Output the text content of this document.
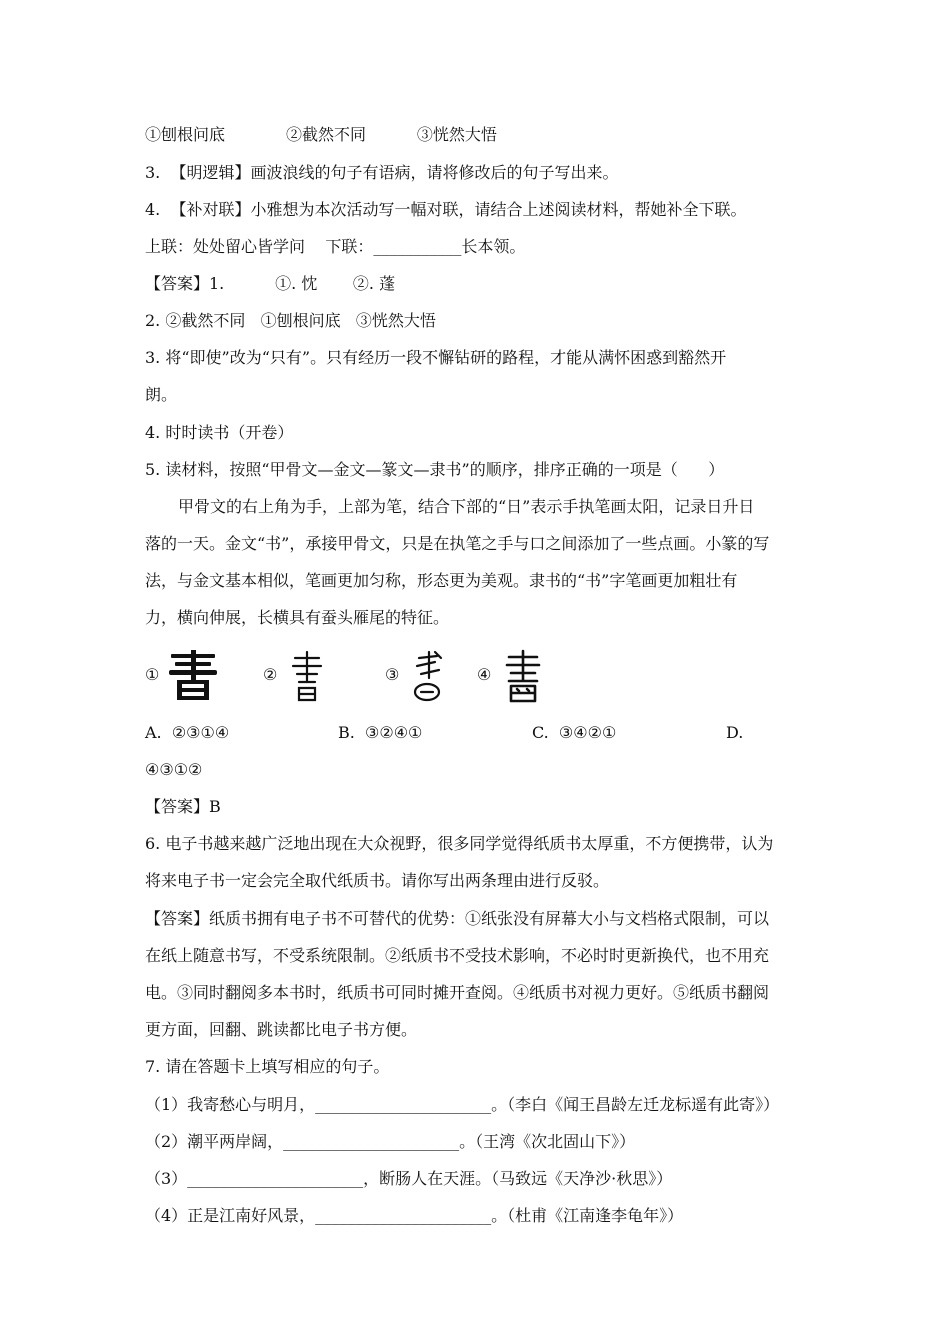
①刨根问底            ②截然不同          ③恍然大悟
3.  【明逻辑】画波浪线的句子有语病，请将修改后的句子写出来。
4.  【补对联】小雅想为本次活动写一幅对联，请结合上述阅读材料，帮她补全下联。
上联：处处留心皆学问    下联：___________长本领。
【答案】1.          ①. 忱       ②. 蓬
2. ②截然不同   ①刨根问底   ③恍然大悟
3. 将“即使”改为“只有”。只有经历一段不懈钻研的路程，才能从满怀困惑到豁然开
朗。
4. 时时读书（开卷）
5. 读材料，按照“甲骨文—金文—篆文—隶书”的顺序，排序正确的一项是（      ）
甲骨文的右上角为手，上部为笔，结合下部的“日”表示手执笔画太阳，记录日升日
落的一天。金文“书”，承接甲骨文，只是在执笔之手与口之间添加了一些点画。小篆的写
法，与金文基本相似，笔画更加匀称，形态更为美观。隶书的“书”字笔画更加粗壮有
力，横向伸展，长横具有蚕头雁尾的特征。
④③①②
【答案】B
6. 电子书越来越广泛地出现在大众视野，很多同学觉得纸质书太厚重，不方便携带，认为
将来电子书一定会完全取代纸质书。请你写出两条理由进行反驳。
【答案】纸质书拥有电子书不可替代的优势：①纸张没有屏幕大小与文档格式限制，可以
在纸上随意书写，不受系统限制。②纸质书不受技术影响，不必时时更新换代，也不用充
电。③同时翻阅多本书时，纸质书可同时摊开查阅。④纸质书对视力更好。⑤纸质书翻阅
更方面，回翻、跳读都比电子书方便。
7. 请在答题卡上填写相应的句子。
（1）我寄愁心与明月，______________________。（李白《闻王昌龄左迁龙标遥有此寄》）
（2）潮平两岸阔，______________________。（王湾《次北固山下》）
（3）______________________，断肠人在天涯。（马致远《天净沙·秋思》）
（4）正是江南好风景，______________________。（杜甫《江南逢李龟年》）
①	②	③	④
A.  ②③①④	B.  ③②④①	C.  ③④②①	D.
